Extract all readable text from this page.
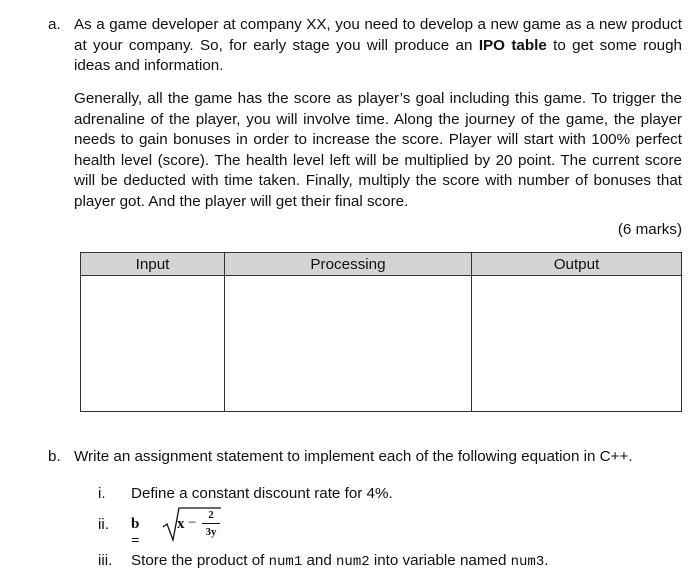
a. As a game developer at company XX, you need to develop a new game as a new product at your company. So, for early stage you will produce an IPO table to get some rough ideas and information.
Generally, all the game has the score as player’s goal including this game. To trigger the adrenaline of the player, you will involve time. Along the journey of the game, the player needs to gain bonuses in order to increase the score. Player will start with 100% perfect health level (score). The health level left will be multiplied by 20 point. The current score will be deducted with time taken. Finally, multiply the score with number of bonuses that player got. And the player will get their final score.
(6 marks)
Input	Processing	Output

b. Write an assignment statement to implement each of the following equation in C++.
i.	Define a constant discount rate for 4%.
ii.	b =
x −	2
3y
iii.	Store the product of num1 and num2 into variable named num3.
